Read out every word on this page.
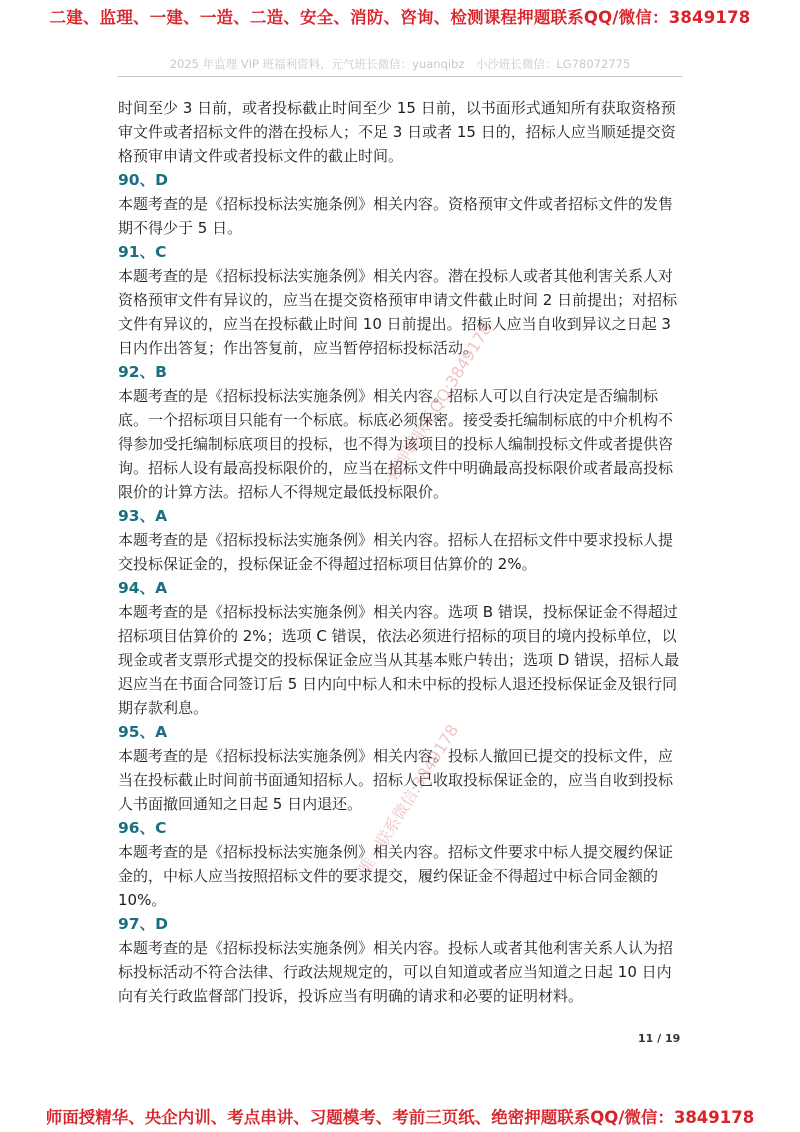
二建、监理、一建、一造、二造、安全、消防、咨询、检测课程押题联系QQ/微信：3849178
2025 年监理 VIP 班福利资料，元气班长微信：yuanqibz　小沙班长微信：LG78072775

时间至少 3 日前，或者投标截止时间至少 15 日前，以书面形式通知所有获取资格预审文件或者招标文件的潜在投标人；不足 3 日或者 15 日的，招标人应当顺延提交资格预审申请文件或者投标文件的截止时间。

90、D

本题考查的是《招标投标法实施条例》相关内容。资格预审文件或者招标文件的发售期不得少于 5 日。

91、C

本题考查的是《招标投标法实施条例》相关内容。潜在投标人或者其他利害关系人对资格预审文件有异议的，应当在提交资格预审申请文件截止时间 2 日前提出；对招标文件有异议的，应当在投标截止时间 10 日前提出。招标人应当自收到异议之日起 3 日内作出答复；作出答复前，应当暂停招标投标活动。

92、B

本题考查的是《招标投标法实施条例》相关内容。招标人可以自行决定是否编制标底。一个招标项目只能有一个标底。标底必须保密。接受委托编制标底的中介机构不得参加受托编制标底项目的投标，也不得为该项目的投标人编制投标文件或者提供咨询。招标人设有最高投标限价的，应当在招标文件中明确最高投标限价或者最高投标限价的计算方法。招标人不得规定最低投标限价。

93、A

本题考查的是《招标投标法实施条例》相关内容。招标人在招标文件中要求投标人提交投标保证金的，投标保证金不得超过招标项目估算价的 2%。

94、A

本题考查的是《招标投标法实施条例》相关内容。选项 B 错误，投标保证金不得超过招标项目估算价的 2%；选项 C 错误，依法必须进行招标的项目的境内投标单位，以现金或者支票形式提交的投标保证金应当从其基本账户转出；选项 D 错误，招标人最迟应当在书面合同签订后 5 日内向中标人和未中标的投标人退还投标保证金及银行同期存款利息。

95、A

本题考查的是《招标投标法实施条例》相关内容。投标人撤回已提交的投标文件，应当在投标截止时间前书面通知招标人。招标人已收取投标保证金的，应当自收到投标人书面撤回通知之日起 5 日内退还。

96、C

本题考查的是《招标投标法实施条例》相关内容。招标文件要求中标人提交履约保证金的，中标人应当按照招标文件的要求提交，履约保证金不得超过中标合同金额的 10%。

97、D

本题考查的是《招标投标法实施条例》相关内容。投标人或者其他利害关系人认为招标投标活动不符合法律、行政法规规定的，可以自知道或者应当知道之日起 10 日内向有关行政监督部门投诉，投诉应当有明确的请求和必要的证明材料。

一建押题联系QQ:3849178
唯一联系微信:3849178
11 / 19
师面授精华、央企内训、考点串讲、习题模考、考前三页纸、绝密押题联系QQ/微信：3849178
